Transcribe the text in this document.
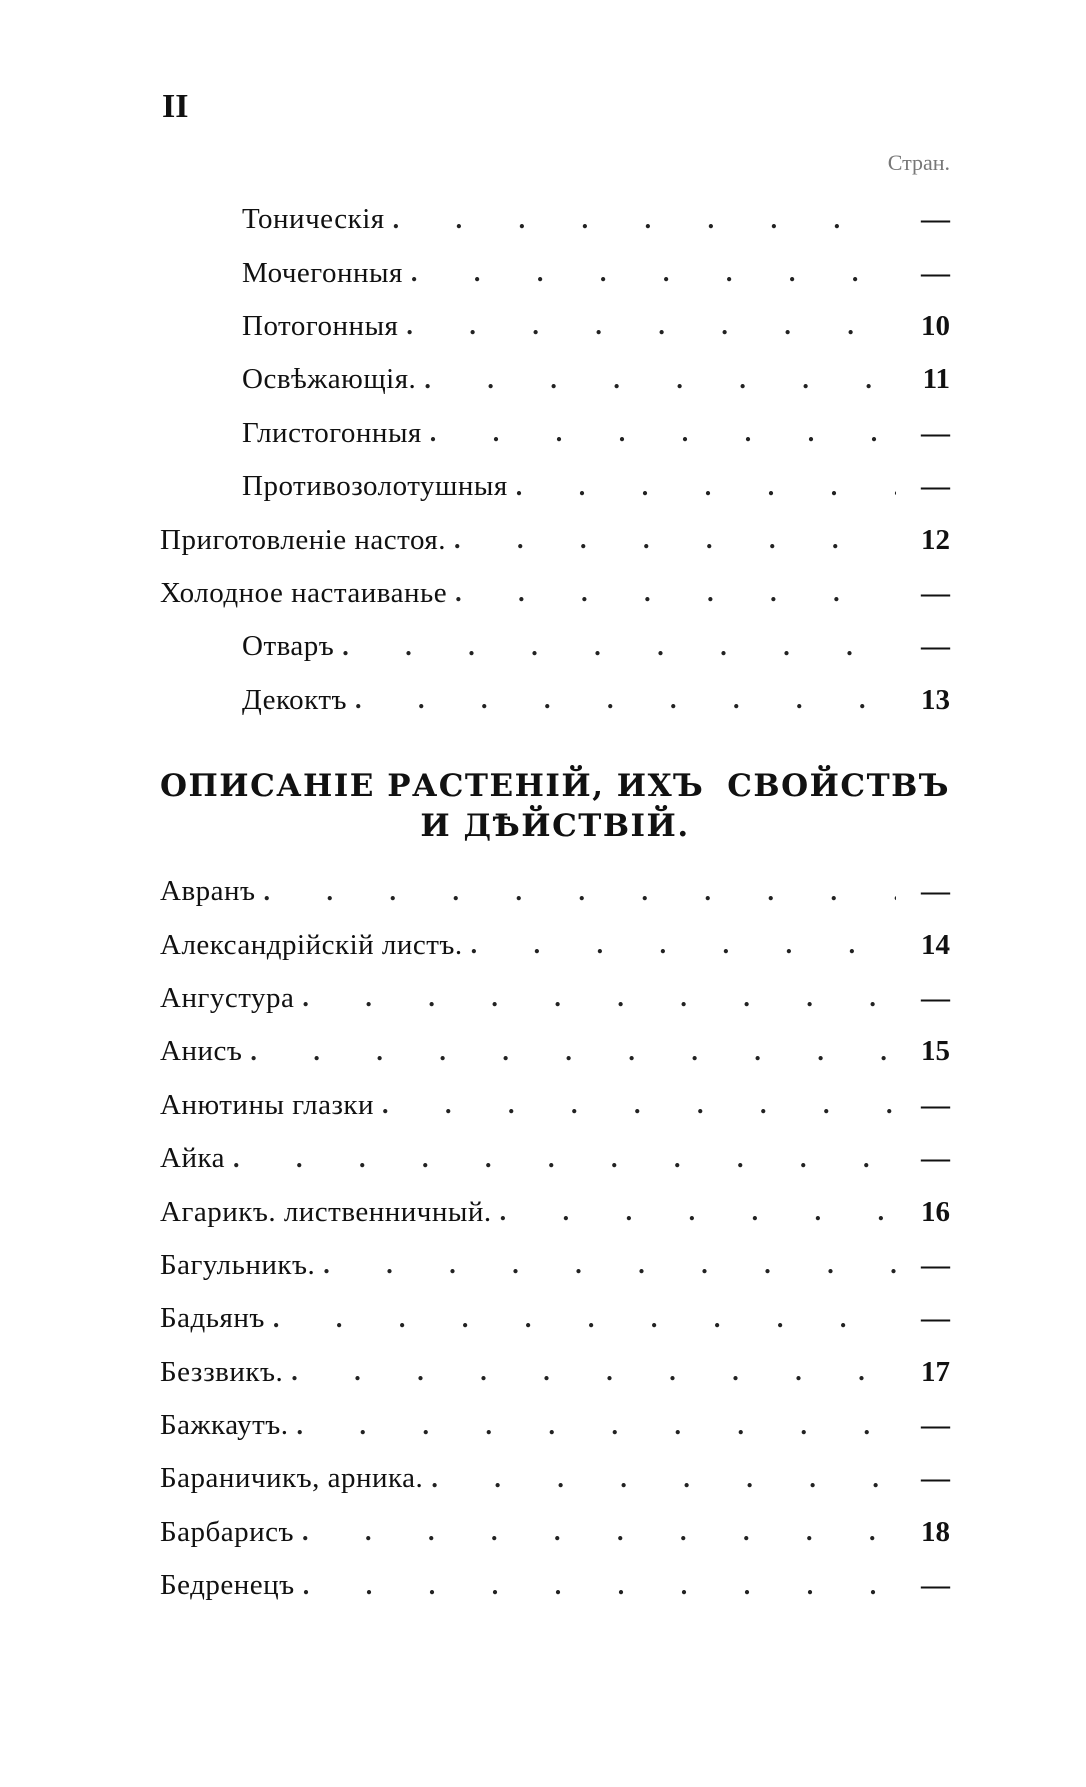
II
Стран.
Тоническія . . .	—
Мочегонныя . . .	—
Потогонныя . . .	10
Освѣжающія. . . .	11
Глистогонныя . . .	—
Противозолотушныя . . .	—
Приготовленіе настоя. . . .	12
Холодное настаиванье . . .	—
Отваръ . . .	—
Декоктъ . . .	13
ОПИСАНІЕ РАСТЕНІЙ, ИХЪ СВОЙСТВЪ
И ДѢЙСТВІЙ.
Авранъ . . .	—
Александрійскій листъ. . . .	14
Ангустура . . .	—
Анисъ . . .	15
Анютины глазки . . .	—
Айка . . .	—
Агарикъ. лиственничный. . . .	16
Багульникъ. . . .	—
Бадьянъ . . .	—
Беззвикъ. . . .	17
Бажкаутъ. . . .	—
Бараничикъ, арника. . . .	—
Барбарисъ . . .	18
Бедренецъ . . .	—
